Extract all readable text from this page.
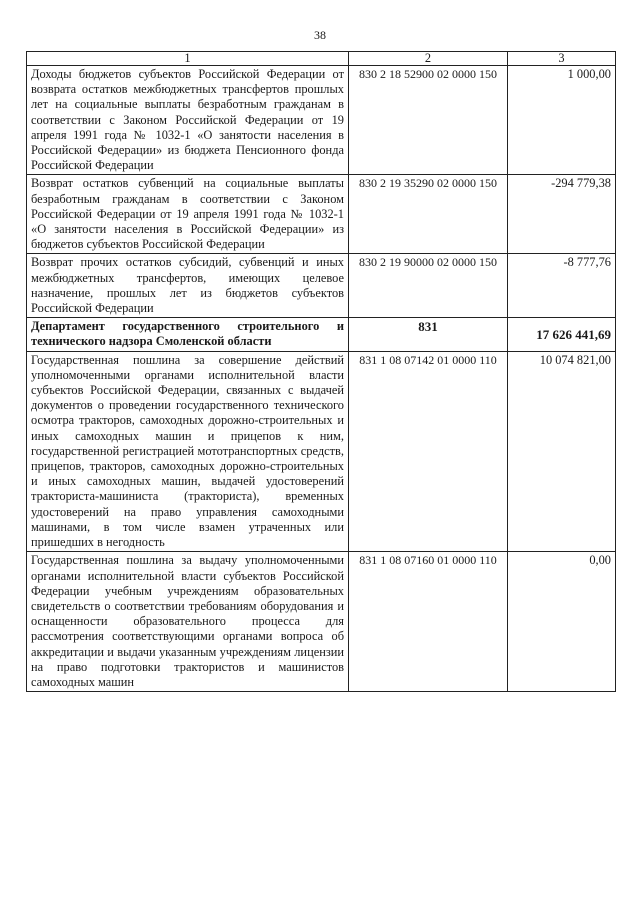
38
1	2	3
Доходы бюджетов субъектов Российской Федерации от возврата остатков межбюджетных трансфертов прошлых лет на социальные выплаты безработным гражданам в соответствии с Законом Российской Федерации от 19 апреля 1991 года № 1032-1 «О занятости населения в Российской Федерации» из бюджета Пенсионного фонда Российской Федерации	830 2 18 52900 02 0000 150	1 000,00
Возврат остатков субвенций на социальные выплаты безработным гражданам в соответствии с Законом Российской Федерации от 19 апреля 1991 года № 1032-1 «О занятости населения в Российской Федерации» из бюджетов субъектов Российской Федерации	830 2 19 35290 02 0000 150	-294 779,38
Возврат прочих остатков субсидий, субвенций и иных межбюджетных трансфертов, имеющих целевое назначение, прошлых лет из бюджетов субъектов Российской Федерации	830 2 19 90000 02 0000 150	-8 777,76
Департамент государственного строительного и технического надзора Смоленской области	831	17 626 441,69
Государственная пошлина за совершение действий уполномоченными органами исполнительной власти субъектов Российской Федерации, связанных с выдачей документов о проведении государственного технического осмотра тракторов, самоходных дорожно-строительных и иных самоходных машин и прицепов к ним, государственной регистрацией мототранспортных средств, прицепов, тракторов, самоходных дорожно-строительных и иных самоходных машин, выдачей удостоверений тракториста-машиниста (тракториста), временных удостоверений на право управления самоходными машинами, в том числе взамен утраченных или пришедших в негодность	831 1 08 07142 01 0000 110	10 074 821,00
Государственная пошлина за выдачу уполномоченными органами исполнительной власти субъектов Российской Федерации учебным учреждениям образовательных свидетельств о соответствии требованиям оборудования и оснащенности образовательного процесса для рассмотрения соответствующими органами вопроса об аккредитации и выдачи указанным учреждениям лицензии на право подготовки трактористов и машинистов самоходных машин	831 1 08 07160 01 0000 110	0,00
